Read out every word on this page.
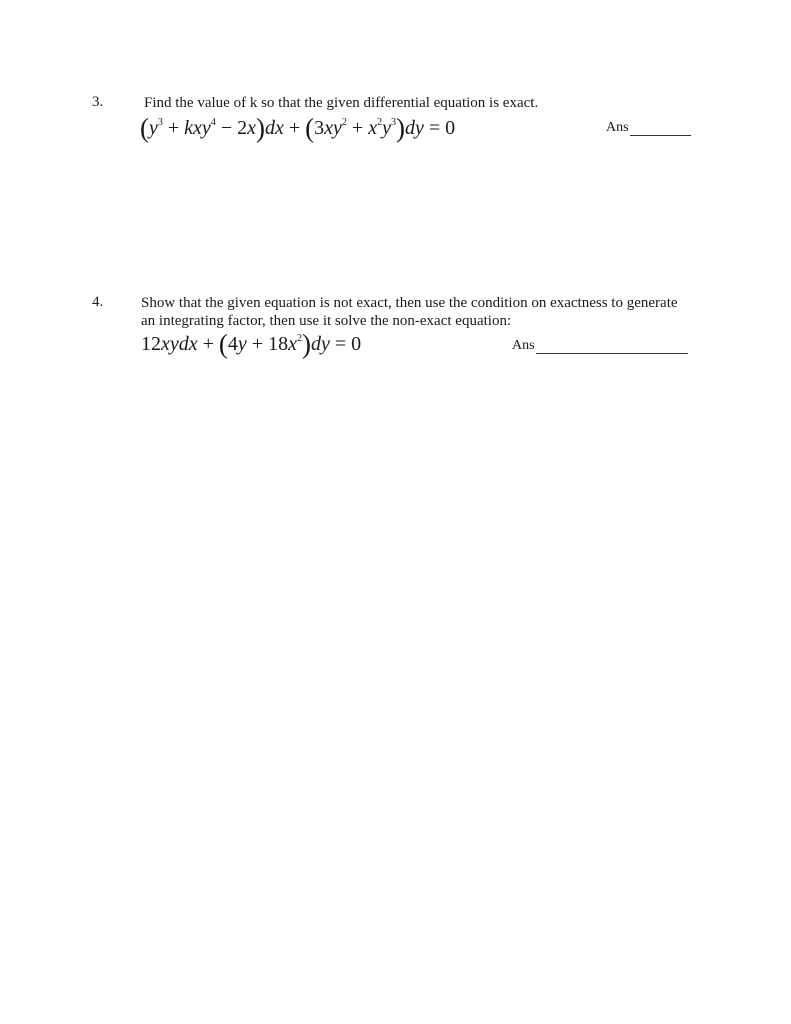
3.	Find the value of k so that the given differential equation is exact.
$(y^3 + kxy^4 - 2x)dx + (3xy^2 + x^2y^3)dy = 0$	Ans
4.	Show that the given equation is not exact, then use the condition on exactness to generate
an integrating factor, then use it solve the non-exact equation:
12xydx + $(4y + 18x^2)dy = 0$	Ans
